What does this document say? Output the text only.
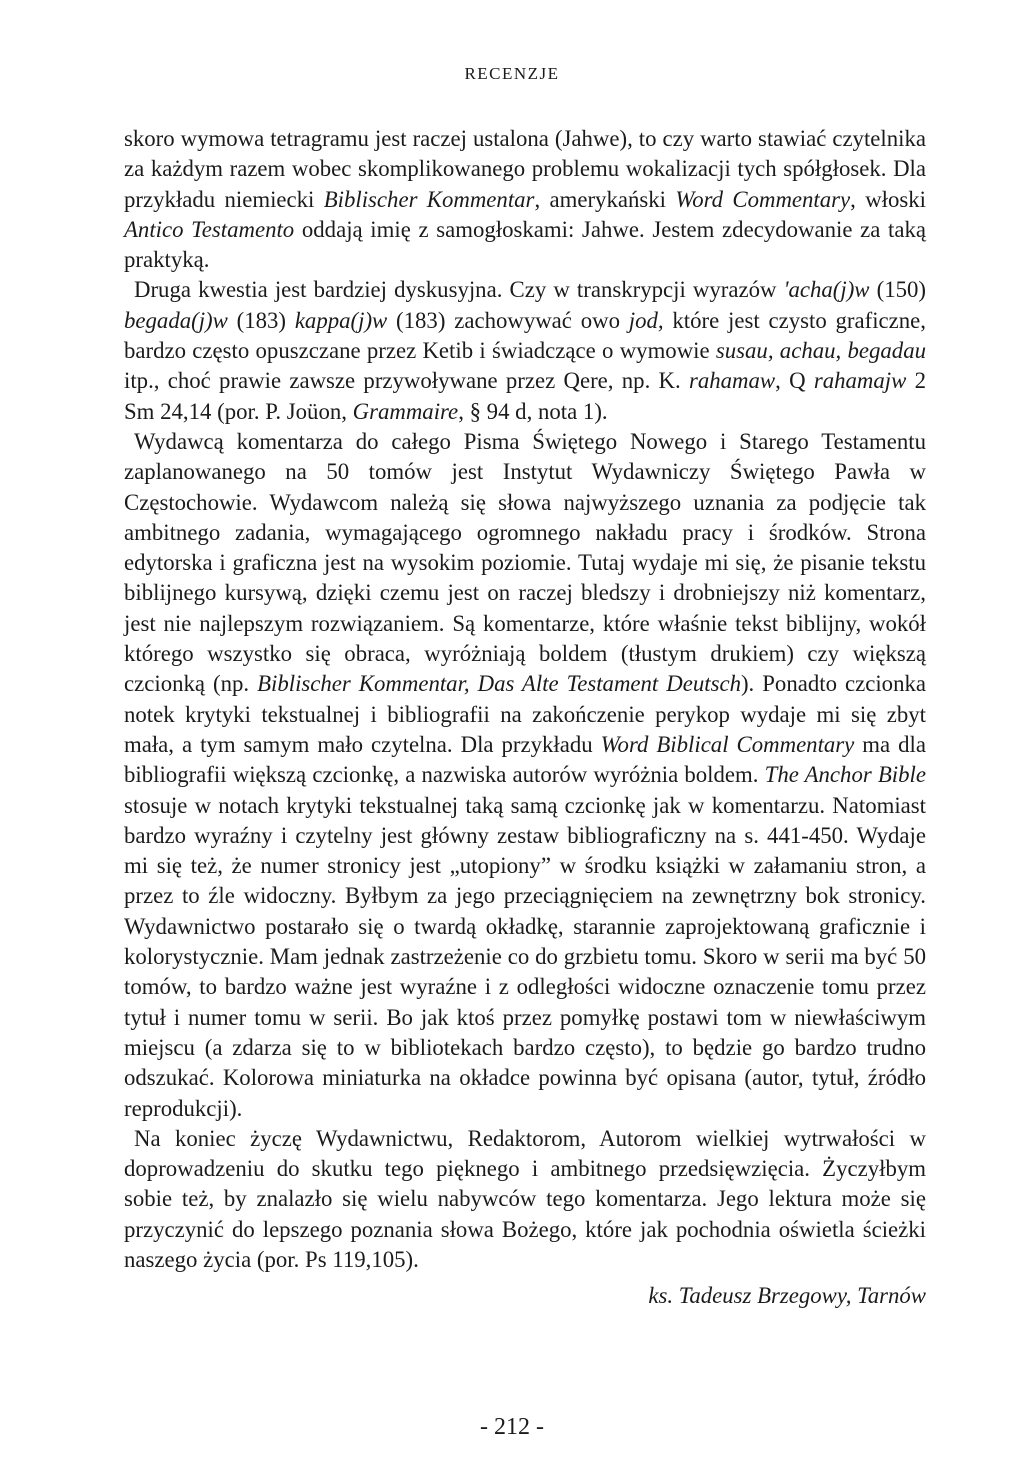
RECENZJE

skoro wymowa tetragramu jest raczej ustalona (Jahwe), to czy warto stawiać czytelnika za każdym razem wobec skomplikowanego problemu wokalizacji tych spółgłosek. Dla przykładu niemiecki Biblischer Kommentar, amerykański Word Commentary, włoski Antico Testamento oddają imię z samogłoskami: Jahwe. Jestem zdecydowanie za taką praktyką.

Druga kwestia jest bardziej dyskusyjna. Czy w transkrypcji wyrazów 'acha(j)w (150) begada(j)w (183) kappa(j)w (183) zachowywać owo jod, które jest czysto graficzne, bardzo często opuszczane przez Ketib i świadczące o wymowie susau, achau, begadau itp., choć prawie zawsze przywoływane przez Qere, np. K. rahamaw, Q rahamajw 2 Sm 24,14 (por. P. Joüon, Grammaire, § 94 d, nota 1).

Wydawcą komentarza do całego Pisma Świętego Nowego i Starego Testamentu zaplanowanego na 50 tomów jest Instytut Wydawniczy Świętego Pawła w Częstochowie. Wydawcom należą się słowa najwyższego uznania za podjęcie tak ambitnego zadania, wymagającego ogromnego nakładu pracy i środków. Strona edytorska i graficzna jest na wysokim poziomie. Tutaj wydaje mi się, że pisanie tekstu biblijnego kursywą, dzięki czemu jest on raczej bledszy i drobniejszy niż komentarz, jest nie najlepszym rozwiązaniem. Są komentarze, które właśnie tekst biblijny, wokół którego wszystko się obraca, wyróżniają boldem (tłustym drukiem) czy większą czcionką (np. Biblischer Kommentar, Das Alte Testament Deutsch). Ponadto czcionka notek krytyki tekstualnej i bibliografii na zakończenie perykop wydaje mi się zbyt mała, a tym samym mało czytelna. Dla przykładu Word Biblical Commentary ma dla bibliografii większą czcionkę, a nazwiska autorów wyróżnia boldem. The Anchor Bible stosuje w notach krytyki tekstualnej taką samą czcionkę jak w komentarzu. Natomiast bardzo wyraźny i czytelny jest główny zestaw bibliograficzny na s. 441-450. Wydaje mi się też, że numer stronicy jest „utopiony” w środku książki w załamaniu stron, a przez to źle widoczny. Byłbym za jego przeciągnięciem na zewnętrzny bok stronicy. Wydawnictwo postarało się o twardą okładkę, starannie zaprojektowaną graficznie i kolorystycznie. Mam jednak zastrzeżenie co do grzbietu tomu. Skoro w serii ma być 50 tomów, to bardzo ważne jest wyraźne i z odległości widoczne oznaczenie tomu przez tytuł i numer tomu w serii. Bo jak ktoś przez pomyłkę postawi tom w niewłaściwym miejscu (a zdarza się to w bibliotekach bardzo często), to będzie go bardzo trudno odszukać. Kolorowa miniaturka na okładce powinna być opisana (autor, tytuł, źródło reprodukcji).

Na koniec życzę Wydawnictwu, Redaktorom, Autorom wielkiej wytrwałości w doprowadzeniu do skutku tego pięknego i ambitnego przedsięwzięcia. Życzyłbym sobie też, by znalazło się wielu nabywców tego komentarza. Jego lektura może się przyczynić do lepszego poznania słowa Bożego, które jak pochodnia oświetla ścieżki naszego życia (por. Ps 119,105).

ks. Tadeusz Brzegowy, Tarnów
- 212 -
